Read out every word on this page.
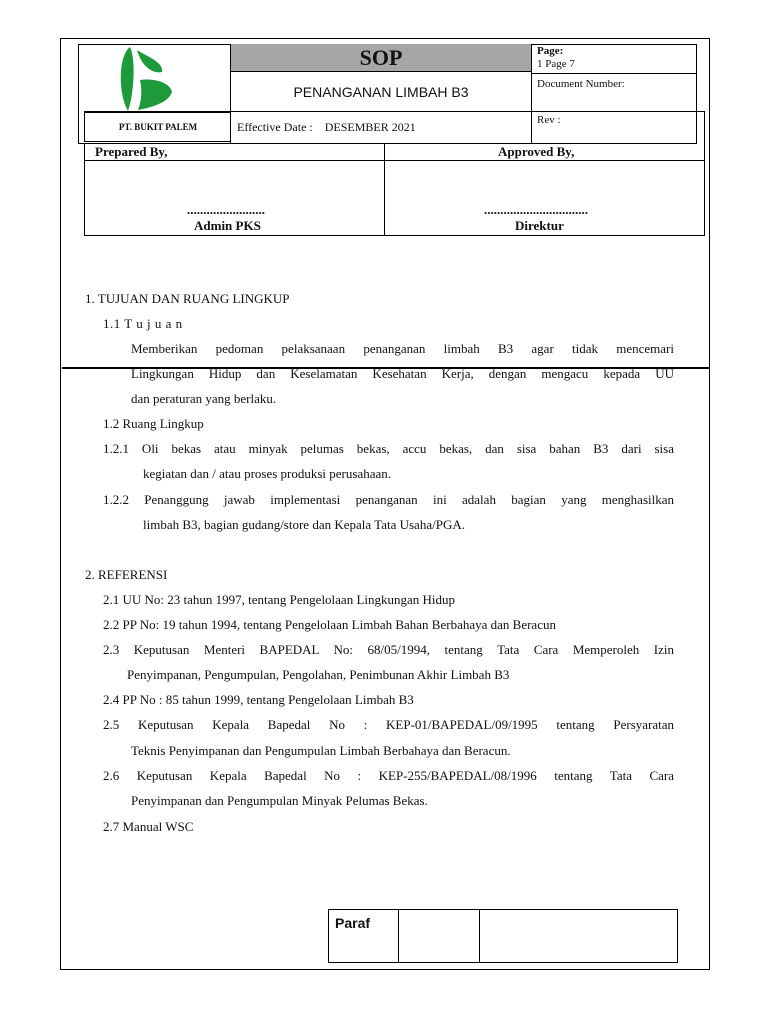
SOP
PENANGANAN LIMBAH B3
Effective Date : DESEMBER 2021
Page:
1 Page 7
Document Number:
Rev :
PT. BUKIT PALEM
Prepared By,	Approved By,
........................	................................
Admin PKS	Direktur
1. TUJUAN DAN RUANG LINGKUP
1.1 T u j u a n
Memberikan pedoman pelaksanaan penanganan limbah B3 agar tidak mencemari
Lingkungan Hidup dan Keselamatan Kesehatan Kerja, dengan mengacu kepada UU
dan peraturan yang berlaku.
1.2 Ruang Lingkup
1.2.1 Oli bekas atau minyak pelumas bekas, accu bekas, dan sisa bahan B3 dari sisa
kegiatan dan / atau proses produksi perusahaan.
1.2.2 Penanggung jawab implementasi penanganan ini adalah bagian yang menghasilkan
limbah B3, bagian gudang/store dan Kepala Tata Usaha/PGA.
2. REFERENSI
2.1 UU No: 23 tahun 1997, tentang Pengelolaan Lingkungan Hidup
2.2 PP No: 19 tahun 1994, tentang Pengelolaan Limbah Bahan Berbahaya dan Beracun
2.3 Keputusan Menteri BAPEDAL No: 68/05/1994, tentang Tata Cara Memperoleh Izin
Penyimpanan, Pengumpulan, Pengolahan, Penimbunan Akhir Limbah B3
2.4 PP No : 85 tahun 1999, tentang Pengelolaan Limbah B3
2.5 Keputusan Kepala Bapedal No : KEP-01/BAPEDAL/09/1995 tentang Persyaratan
Teknis Penyimpanan dan Pengumpulan Limbah Berbahaya dan Beracun.
2.6 Keputusan Kepala Bapedal No : KEP-255/BAPEDAL/08/1996 tentang Tata Cara
Penyimpanan dan Pengumpulan Minyak Pelumas Bekas.
2.7 Manual WSC
Paraf
